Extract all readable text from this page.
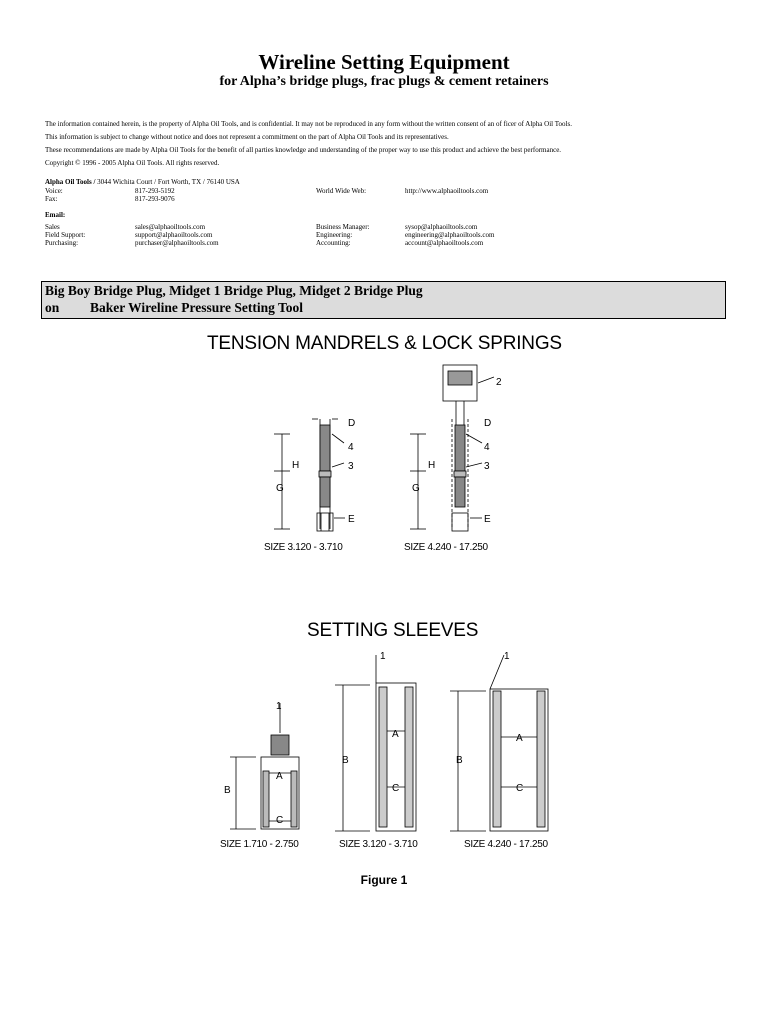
Wireline Setting Equipment
for Alpha’s bridge plugs, frac plugs & cement retainers
The information contained herein, is the property of Alpha Oil Tools, and is confidential. It may not be reproduced in any form without the written consent of an of ficer of Alpha Oil Tools.
This information is subject to change without notice and does not represent a commitment on the part of Alpha Oil Tools and its representatives.
These recommendations are made by Alpha Oil Tools for the benefit of all parties knowledge and understanding of the proper way to use this product and achieve the best performance.
Copyright © 1996 - 2005 Alpha Oil Tools. All rights reserved.
Alpha Oil Tools / 3044 Wichita Court / Fort Worth, TX / 76140 USA
Voice:	817-293-5192
Fax:	817-293-9076
World Wide Web:	http://www.alphaoiltools.com
Email:
Sales	sales@alphaoiltools.com
Field Support:	support@alphaoiltools.com
Purchasing:	purchaser@alphaoiltools.com
Business Manager:	sysop@alphaoiltools.com
Engineering:	engineering@alphaoiltools.com
Accounting:	account@alphaoiltools.com
Big Boy Bridge Plug, Midget 1 Bridge Plug, Midget 2 Bridge Plug
on Baker Wireline Pressure Setting Tool
TENSION MANDRELS & LOCK SPRINGS
D
4
3
E
H
G
2
D
4
3
E
H
G
SIZE 3.120 - 3.710	SIZE 4.240 - 17.250
SETTING SLEEVES
1
A
B
C
1
A
B
C
1
A
B
C
SIZE 1.710 - 2.750	SIZE 3.120 - 3.710	SIZE 4.240 - 17.250
Figure 1
